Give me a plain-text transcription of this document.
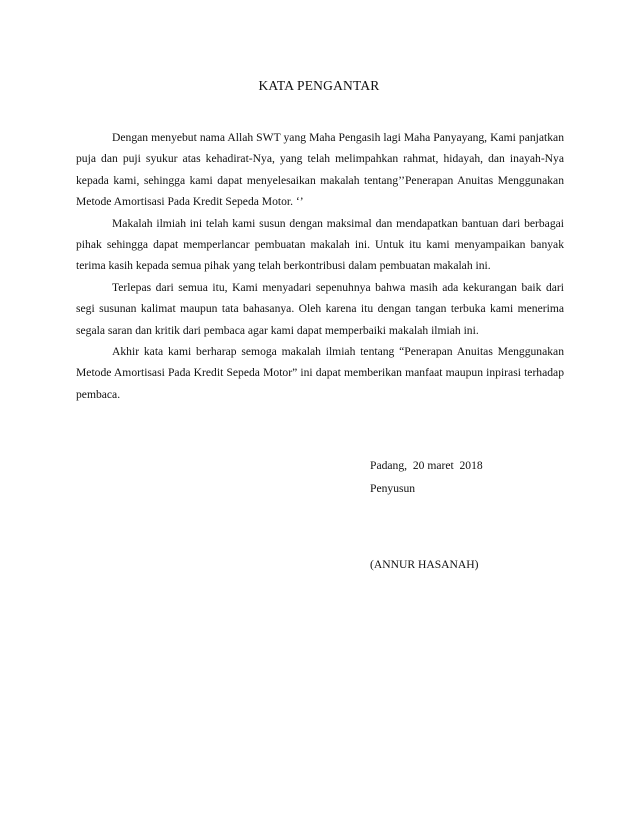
KATA PENGANTAR

Dengan menyebut nama Allah SWT yang Maha Pengasih lagi Maha Panyayang, Kami panjatkan puja dan puji syukur atas kehadirat-Nya, yang telah melimpahkan rahmat, hidayah, dan inayah-Nya kepada kami, sehingga kami dapat menyelesaikan makalah tentang’’Penerapan Anuitas Menggunakan Metode Amortisasi Pada Kredit Sepeda Motor. ‘’

Makalah ilmiah ini telah kami susun dengan maksimal dan mendapatkan bantuan dari berbagai pihak sehingga dapat memperlancar pembuatan makalah ini. Untuk itu kami menyampaikan banyak terima kasih kepada semua pihak yang telah berkontribusi dalam pembuatan makalah ini.

Terlepas dari semua itu, Kami menyadari sepenuhnya bahwa masih ada kekurangan baik dari segi susunan kalimat maupun tata bahasanya. Oleh karena itu dengan tangan terbuka kami menerima segala saran dan kritik dari pembaca agar kami dapat memperbaiki makalah ilmiah ini.

Akhir kata kami berharap semoga makalah ilmiah tentang “Penerapan Anuitas Menggunakan Metode Amortisasi Pada Kredit Sepeda Motor” ini dapat memberikan manfaat maupun inpirasi terhadap pembaca.

Padang,  20 maret  2018
Penyusun
(ANNUR HASANAH)
